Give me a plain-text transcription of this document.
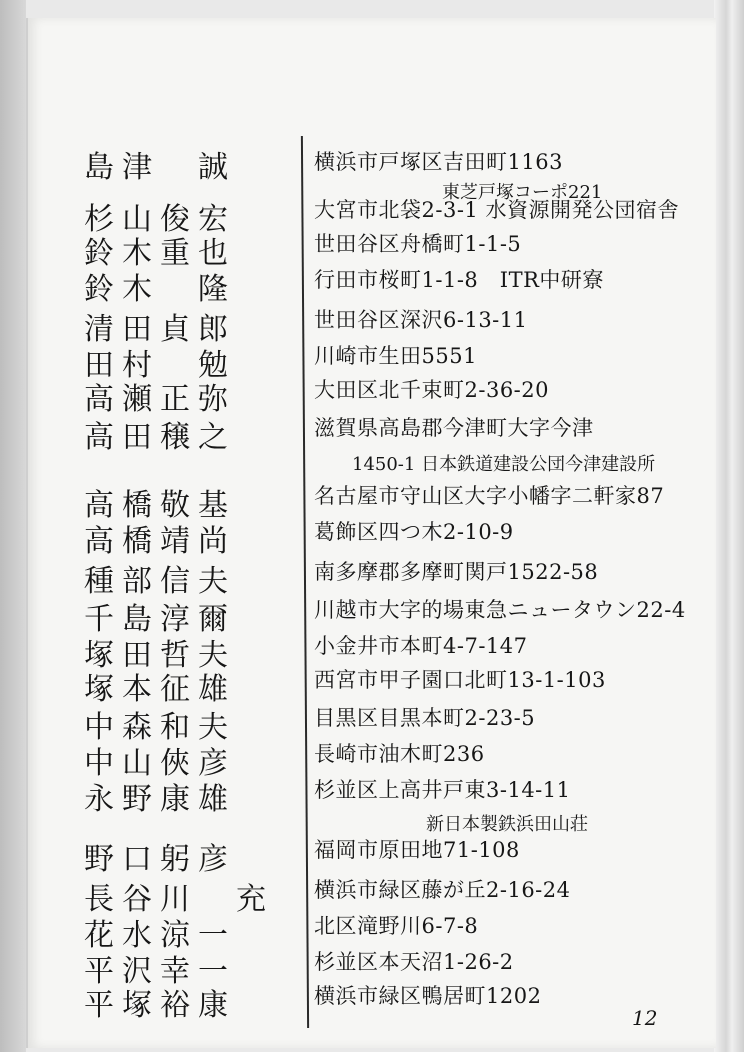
島津　誠	横浜市戸塚区吉田町1163
東芝戸塚コーポ221
杉山俊宏	大宮市北袋2-3-1 水資源開発公団宿舎
鈴木重也	世田谷区舟橋町1-1-5
鈴木　隆	行田市桜町1-1-8　ITR中研寮
清田貞郎	世田谷区深沢6-13-11
田村　勉	川崎市生田5551
高瀬正弥	大田区北千束町2-36-20
高田穣之	滋賀県高島郡今津町大字今津
1450-1 日本鉄道建設公団今津建設所
高橋敬基	名古屋市守山区大字小幡字二軒家87
高橋靖尚	葛飾区四つ木2-10-9
種部信夫	南多摩郡多摩町関戸1522-58
千島淳爾	川越市大字的場東急ニュータウン22-4
塚田哲夫	小金井市本町4-7-147
塚本征雄	西宮市甲子園口北町13-1-103
中森和夫	目黒区目黒本町2-23-5
中山俠彦	長崎市油木町236
永野康雄	杉並区上高井戸東3-14-11
新日本製鉄浜田山荘
野口躬彦	福岡市原田地71-108
長谷川　充	横浜市緑区藤が丘2-16-24
花水涼一	北区滝野川6-7-8
平沢幸一	杉並区本天沼1-26-2
平塚裕康	横浜市緑区鴨居町1202
12
